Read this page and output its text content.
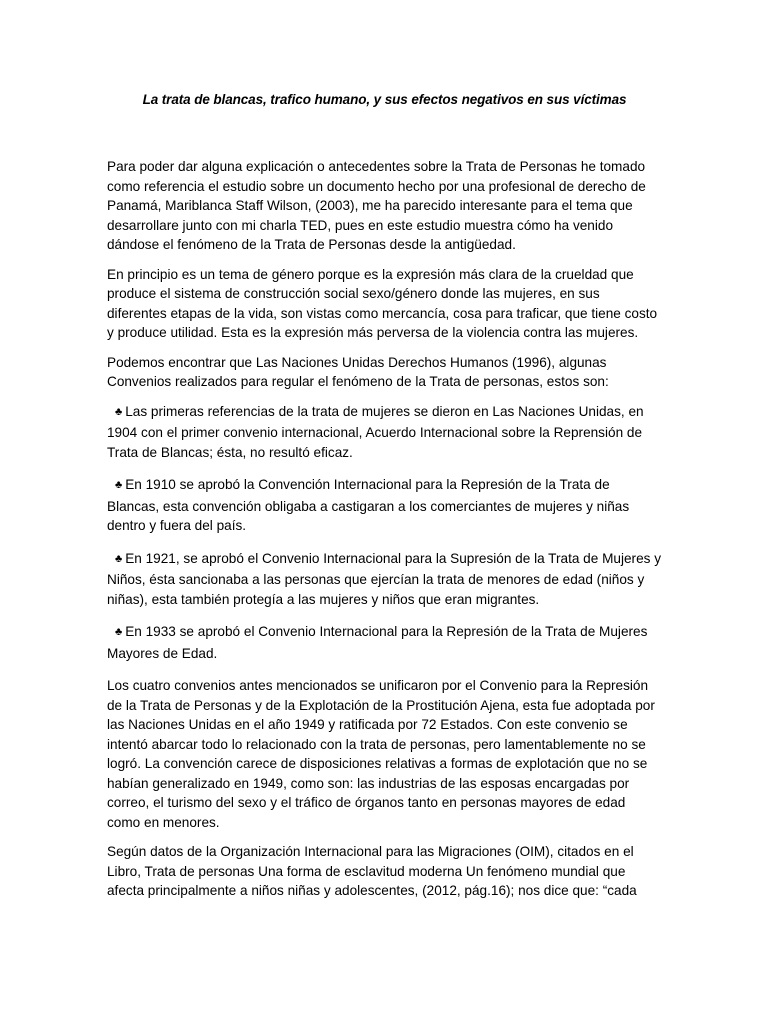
La trata de blancas, trafico humano, y sus efectos negativos en sus víctimas

Para poder dar alguna explicación o antecedentes sobre la Trata de Personas he tomado como referencia el estudio sobre un documento hecho por una profesional de derecho de Panamá, Mariblanca Staff Wilson, (2003), me ha parecido interesante para el tema que desarrollare junto con mi charla TED, pues en este estudio muestra cómo ha venido dándose el fenómeno de la Trata de Personas desde la antigüedad.

En principio es un tema de género porque es la expresión más clara de la crueldad que produce el sistema de construcción social sexo/género donde las mujeres, en sus diferentes etapas de la vida, son vistas como mercancía, cosa para traficar, que tiene costo y produce utilidad. Esta es la expresión más perversa de la violencia contra las mujeres.

Podemos encontrar que Las Naciones Unidas Derechos Humanos (1996), algunas Convenios realizados para regular el fenómeno de la Trata de personas, estos son:

♣ Las primeras referencias de la trata de mujeres se dieron en Las Naciones Unidas, en 1904 con el primer convenio internacional, Acuerdo Internacional sobre la Reprensión de Trata de Blancas; ésta, no resultó eficaz.

♣ En 1910 se aprobó la Convención Internacional para la Represión de la Trata de Blancas, esta convención obligaba a castigaran a los comerciantes de mujeres y niñas dentro y fuera del país.

♣ En 1921, se aprobó el Convenio Internacional para la Supresión de la Trata de Mujeres y Niños, ésta sancionaba a las personas que ejercían la trata de menores de edad (niños y niñas), esta también protegía a las mujeres y niños que eran migrantes.

♣ En 1933 se aprobó el Convenio Internacional para la Represión de la Trata de Mujeres Mayores de Edad.

Los cuatro convenios antes mencionados se unificaron por el Convenio para la Represión de la Trata de Personas y de la Explotación de la Prostitución Ajena, esta fue adoptada por las Naciones Unidas en el año 1949 y ratificada por 72 Estados. Con este convenio se intentó abarcar todo lo relacionado con la trata de personas, pero lamentablemente no se logró. La convención carece de disposiciones relativas a formas de explotación que no se habían generalizado en 1949, como son: las industrias de las esposas encargadas por correo, el turismo del sexo y el tráfico de órganos tanto en personas mayores de edad como en menores.

Según datos de la Organización Internacional para las Migraciones (OIM), citados en el Libro, Trata de personas Una forma de esclavitud moderna Un fenómeno mundial que afecta principalmente a niños niñas y adolescentes, (2012, pág.16); nos dice que: “cada
